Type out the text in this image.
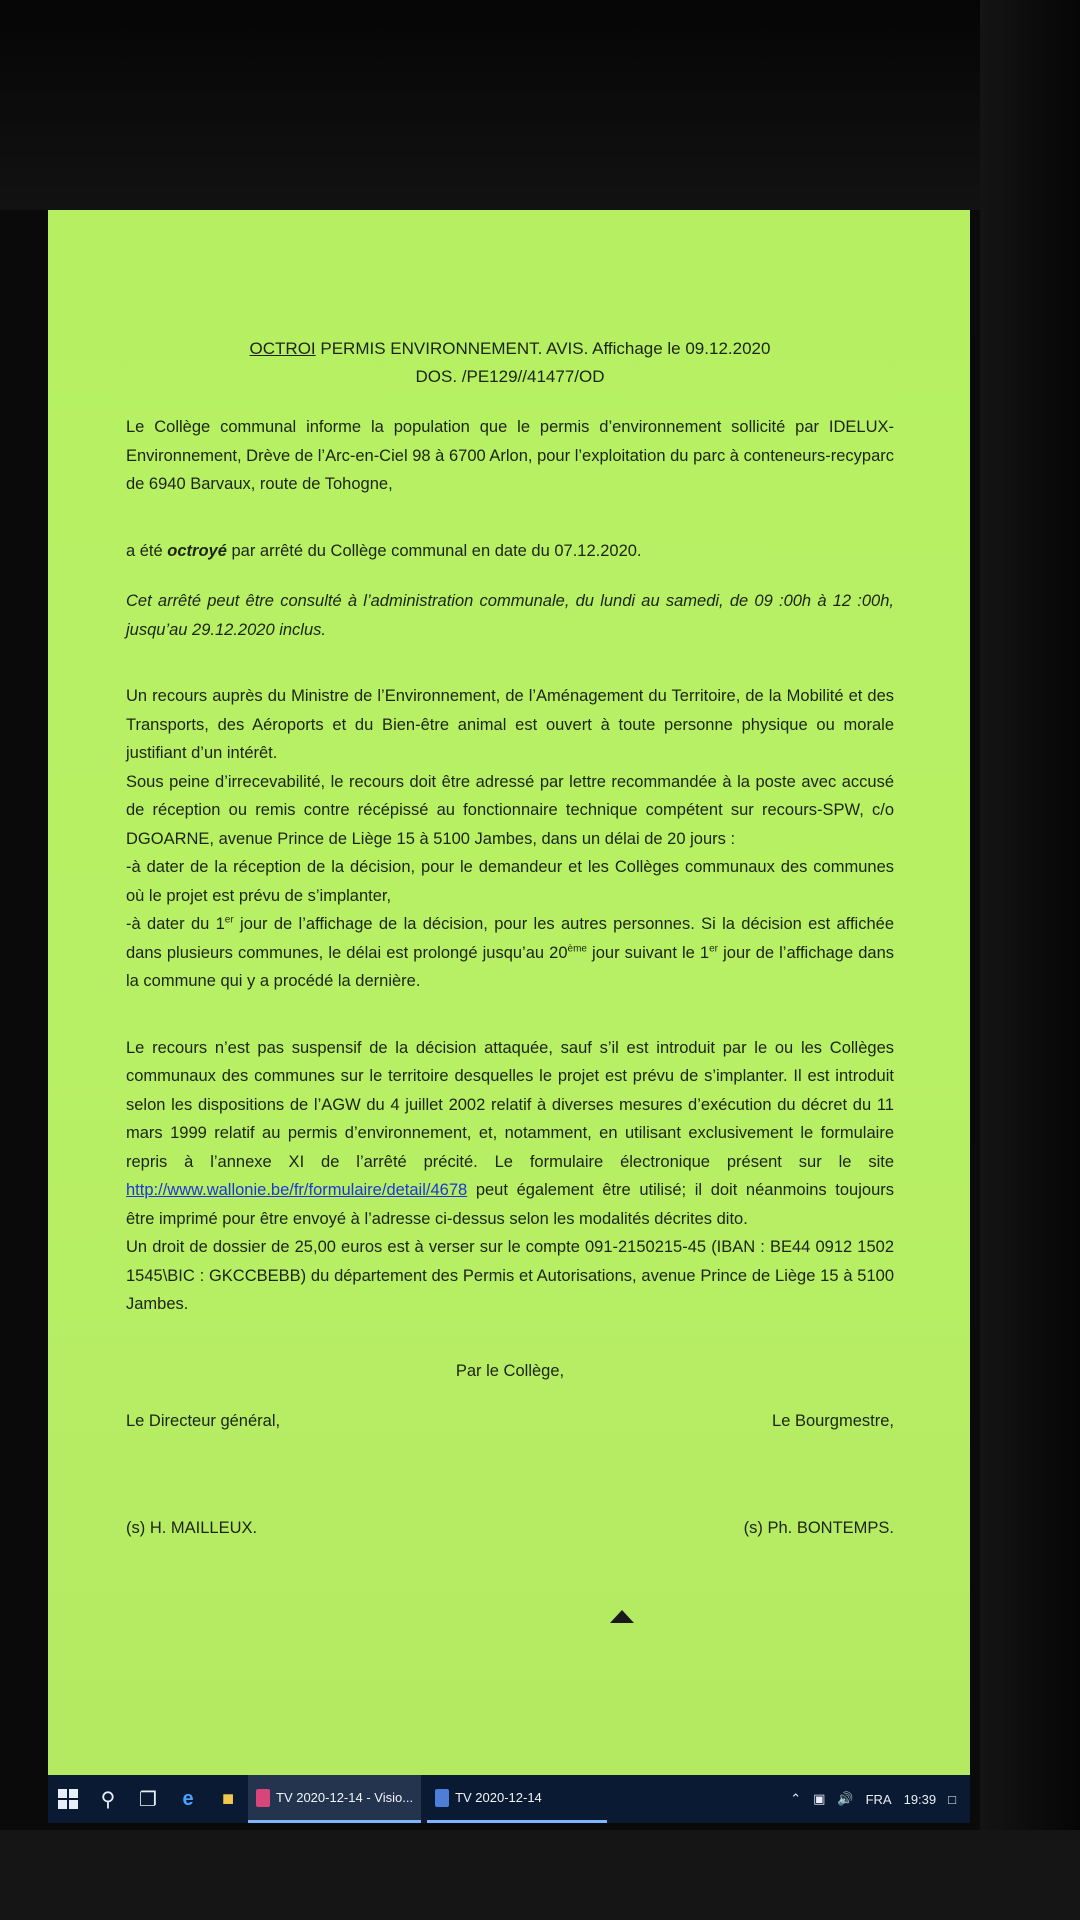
OCTROI PERMIS ENVIRONNEMENT. AVIS. Affichage le 09.12.2020
DOS. /PE129//41477/OD

Le Collège communal informe la population que le permis d’environnement sollicité par IDELUX-Environnement, Drève de l’Arc-en-Ciel 98 à 6700 Arlon, pour l’exploitation du parc à conteneurs-recyparc de 6940 Barvaux, route de Tohogne,

a été octroyé par arrêté du Collège communal en date du 07.12.2020.

Cet arrêté peut être consulté à l’administration communale, du lundi au samedi, de 09 :00h à 12 :00h, jusqu’au 29.12.2020 inclus.

Un recours auprès du Ministre de l’Environnement, de l’Aménagement du Territoire, de la Mobilité et des Transports, des Aéroports et du Bien-être animal est ouvert à toute personne physique ou morale justifiant d’un intérêt.

Sous peine d’irrecevabilité, le recours doit être adressé par lettre recommandée à la poste avec accusé de réception ou remis contre récépissé au fonctionnaire technique compétent sur recours-SPW, c/o DGOARNE, avenue Prince de Liège 15 à 5100 Jambes, dans un délai de 20 jours :

-à dater de la réception de la décision, pour le demandeur et les Collèges communaux des communes où le projet est prévu de s’implanter,

-à dater du 1er jour de l’affichage de la décision, pour les autres personnes. Si la décision est affichée dans plusieurs communes, le délai est prolongé jusqu’au 20ème jour suivant le 1er jour de l’affichage dans la commune qui y a procédé la dernière.

Le recours n’est pas suspensif de la décision attaquée, sauf s’il est introduit par le ou les Collèges communaux des communes sur le territoire desquelles le projet est prévu de s’implanter. Il est introduit selon les dispositions de l’AGW du 4 juillet 2002 relatif à diverses mesures d’exécution du décret du 11 mars 1999 relatif au permis d’environnement, et, notamment, en utilisant exclusivement le formulaire repris à l’annexe XI de l’arrêté précité. Le formulaire électronique présent sur le site http://www.wallonie.be/fr/formulaire/detail/4678 peut également être utilisé; il doit néanmoins toujours être imprimé pour être envoyé à l’adresse ci-dessus selon les modalités décrites dito.

Un droit de dossier de 25,00 euros est à verser sur le compte 091-2150215-45 (IBAN : BE44 0912 1502 1545\BIC : GKCCBEBB) du département des Permis et Autorisations, avenue Prince de Liège 15 à 5100 Jambes.

Par le Collège,
Le Directeur général,	Le Bourgmestre,
(s) H. MAILLEUX.	(s) Ph. BONTEMPS.
⚲	❐	e	■	TV 2020-12-14 - Visio...	TV 2020-12-14	⌃ ▣ 🔊 FRA 19:39 □
